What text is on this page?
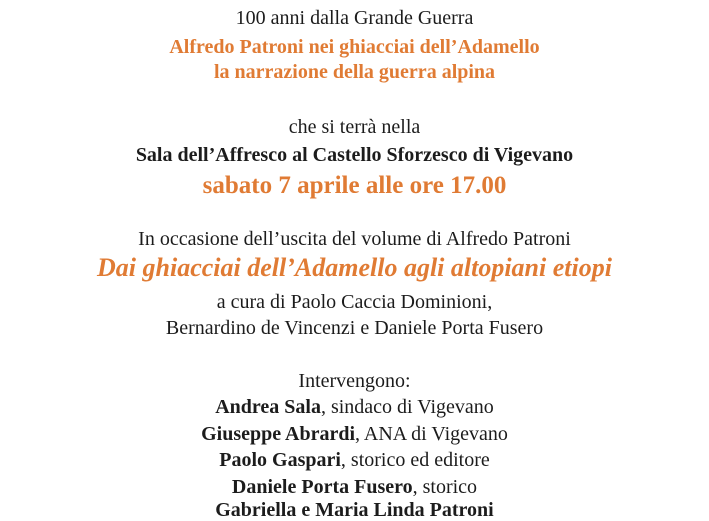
100 anni dalla Grande Guerra
Alfredo Patroni nei ghiacciai dell’Adamello
la narrazione della guerra alpina
che si terrà nella
Sala dell’Affresco al Castello Sforzesco di Vigevano
sabato 7 aprile alle ore 17.00
In occasione dell’uscita del volume di Alfredo Patroni
Dai ghiacciai dell’Adamello agli altopiani etiopi
a cura di Paolo Caccia Dominioni,
Bernardino de Vincenzi e Daniele Porta Fusero
Intervengono:
Andrea Sala, sindaco di Vigevano
Giuseppe Abrardi, ANA di Vigevano
Paolo Gaspari, storico ed editore
Daniele Porta Fusero, storico
Gabriella e Maria Linda Patroni
